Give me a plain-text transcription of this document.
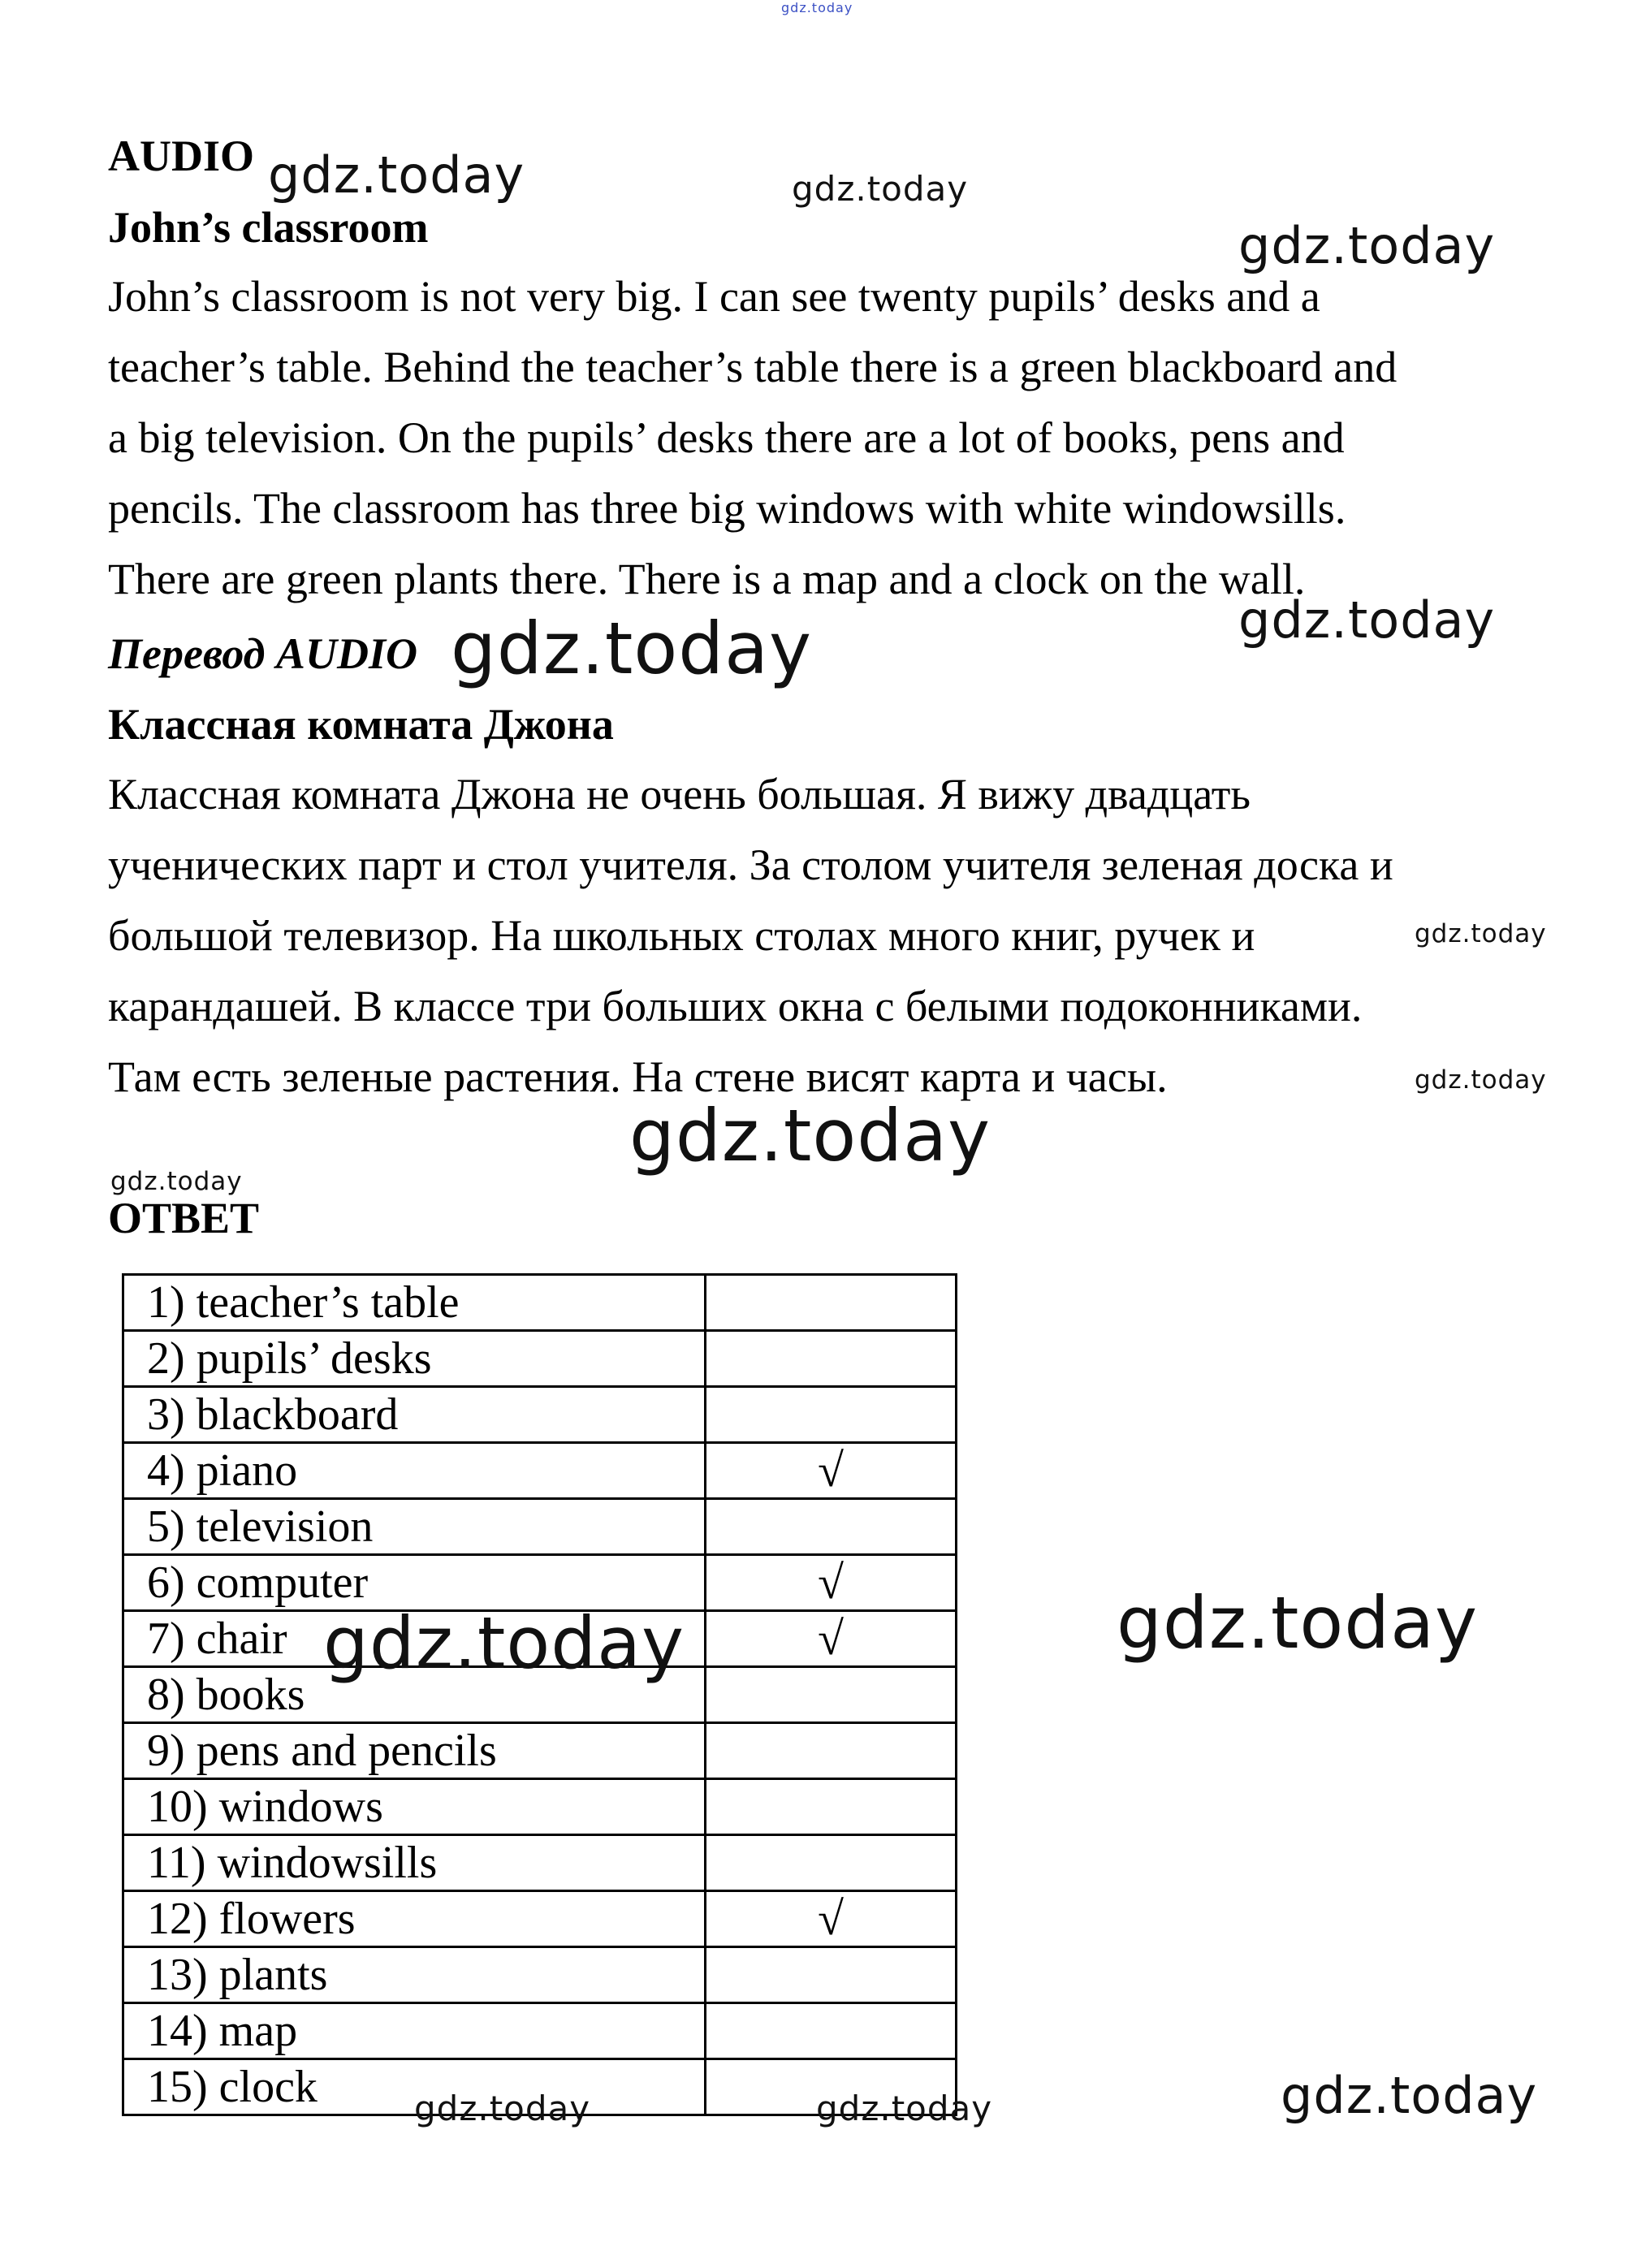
AUDIO
John’s classroom
John’s classroom is not very big. I can see twenty pupils’ desks and a
teacher’s table. Behind the teacher’s table there is a green blackboard and
a big television. On the pupils’ desks there are a lot of books, pens and
pencils. The classroom has three big windows with white windowsills.
There are green plants there. There is a map and a clock on the wall.
Перевод AUDIO
Классная комната Джона
Классная комната Джона не очень большая. Я вижу двадцать
ученических парт и стол учителя. За столом учителя зеленая доска и
большой телевизор. На школьных столах много книг, ручек и
карандашей. В классе три больших окна с белыми подоконниками.
Там есть зеленые растения. На стене висят карта и часы.
ОТВЕТ
1) teacher’s table	
2) pupils’ desks	
3) blackboard	
4) piano	√
5) television	
6) computer	√
7) chair	√
8) books	
9) pens and pencils	
10) windows	
11) windowsills	
12) flowers	√
13) plants	
14) map	
15) clock	
gdz.today
gdz.today	gdz.today
gdz.today
gdz.today
gdz.today
gdz.today
gdz.today
gdz.today
gdz.today
gdz.today
gdz.today
gdz.today
gdz.today	gdz.today
